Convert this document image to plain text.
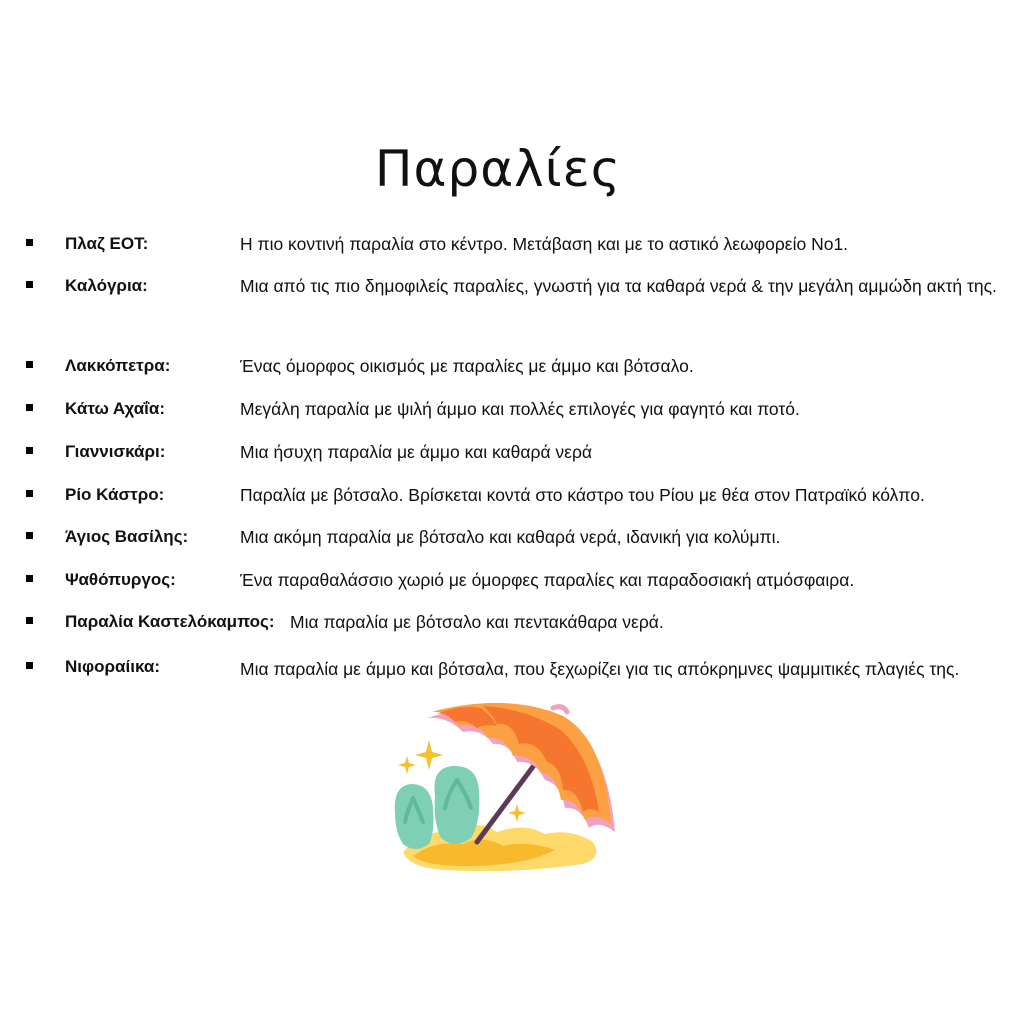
Παραλίες
Πλαζ ΕΟΤ:	Η πιο κοντινή παραλία στο κέντρο. Μετάβαση και με το αστικό λεωφορείο Νο1.
Καλόγρια:	Μια από τις πιο δημοφιλείς παραλίες, γνωστή για τα καθαρά νερά & την μεγάλη αμμώδη ακτή της.
Λακκόπετρα:	Ένας όμορφος οικισμός με παραλίες με άμμο και βότσαλο.
Κάτω Αχαΐα:	Μεγάλη παραλία με ψιλή άμμο και πολλές επιλογές για φαγητό και ποτό.
Γιαννισκάρι:	Μια ήσυχη παραλία με άμμο και καθαρά νερά
Ρίο Κάστρο:	Παραλία με βότσαλο. Βρίσκεται κοντά στο κάστρο του Ρίου με θέα στον Πατραϊκό κόλπο.
Άγιος Βασίλης:	Μια ακόμη παραλία με βότσαλο και καθαρά νερά, ιδανική για κολύμπι.
Ψαθόπυργος:	Ένα παραθαλάσσιο χωριό με όμορφες παραλίες και παραδοσιακή ατμόσφαιρα.
Παραλία Καστελόκαμπος: Μια παραλία με βότσαλο και πεντακάθαρα νερά.
Νιφοραίικα:	Μια παραλία με άμμο και βότσαλα, που ξεχωρίζει για τις απόκρημνες ψαμμιτικές πλαγιές της.
